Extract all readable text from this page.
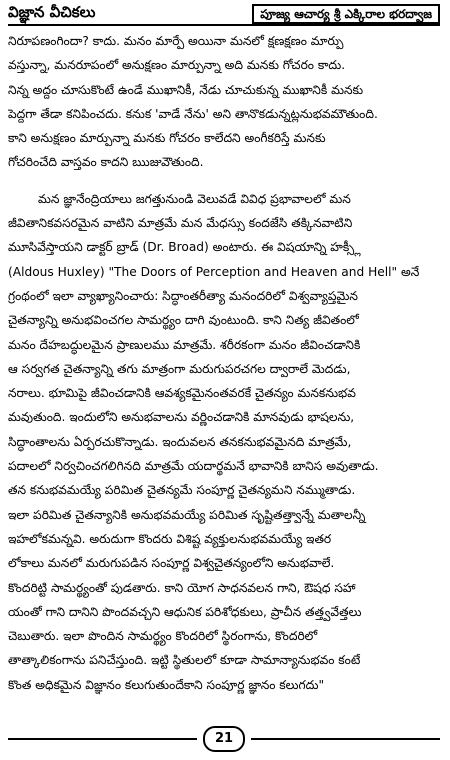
విజ్ఞాన వీచికలు	పూజ్య ఆచార్య శ్రీ ఎక్కిరాల భరద్వాజ
నిరూపణంగిందా? కాదు. మనం మార్పే అయినా మనలో క్షణక్షణం మార్పు
వస్తున్నా, మనరూపంలో అనుక్షణం మార్పున్నా అది మనకు గోచరం కాదు.
నిన్న అద్దం చూసుకొంటే ఉండే ముఖానికీ, నేడు చూచుకున్న ముఖానికీ మనకు
పెద్దగా తేడా కనిపించదు. కనుక 'వాడే నేను' అని తానొకడున్నట్లనుభవమౌతుంది.
కాని అనుక్షణం మార్పున్నా మనకు గోచరం కాలేదని అంగీకరిస్తే మనకు
గోచరించేది వాస్తవం కాదని ఋజువౌతుంది.
మన జ్ఞానేంద్రియాలు జగత్తునుండి వెలువడే వివిధ ప్రభావాలలో మన
జీవితానికవసరమైన వాటిని మాత్రమే మన మేధస్సు కందజేసి తక్కినవాటిని
మూసివేస్తాయని డాక్టర్ బ్రాడ్ (Dr. Broad) అంటారు. ఈ విషయాన్ని హక్స్లీ
(Aldous Huxley) "The Doors of Perception and Heaven and Hell" అనే
గ్రంథంలో ఇలా వ్యాఖ్యానించారు: సిద్ధాంతరీత్యా మనందరిలో విశ్వవ్యాప్తమైన
చైతన్యాన్ని అనుభవించగల సామర్థ్యం దాగి వుంటుంది. కాని నిత్య జీవితంలో
మనం దేహబద్ధులమైన ప్రాణులము మాత్రమే. శరీరకంగా మనం జీవించడానికి
ఆ సర్వగత చైతన్యాన్ని తగు మాత్రంగా మరుగుపరచగల ద్వారాలే మెదడు,
నరాలు. భూమిపై జీవించడానికి ఆవశ్యకమైనంతవరకే చైతన్యం మనకనుభవ
మవుతుంది. ఇందులోని అనుభవాలను వర్ణించడానికి మానవుడు భాషలను,
సిద్ధాంతాలను ఏర్పరచుకొన్నాడు. ఇందువలన తనకనుభవమైనది మాత్రమే,
పదాలలో నిర్వచించగలిగినది మాత్రమే యదార్థమనే భావానికి బానిస అవుతాడు.
తన కనుభవమయ్యే పరిమిత చైతన్యమే సంపూర్ణ చైతన్యమని నమ్ముతాడు.
ఇలా పరిమిత చైతన్యానికి అనుభవమయ్యే పరిమిత సృష్టితత్త్వాన్నే మతాలన్నీ
ఇహలోకమన్నవి. అరుదుగా కొందరు విశిష్ట వ్యక్తులనుభవమయ్యే ఇతర
లోకాలు మనలో మరుగుపడిన సంపూర్ణ విశ్వచైతన్యంలోని అనుభవాలే.
కొందరిట్టి సామర్థ్యంతో పుడతారు. కాని యోగ సాధనవలన గాని, ఔషధ సహా
యంతో గాని దానిని పొందవచ్చని ఆధునిక పరిశోధకులు, ప్రాచీన తత్త్వవేత్తలు
చెబుతారు. ఇలా పొందిన సామర్థ్యం కొందరిలో స్థిరంగాను, కొందరిలో
తాత్కాలికంగాను పనిచేస్తుంది. ఇట్టి స్థితులలో కూడా సామాన్యానుభవం కంటే
కొంత అధికమైన విజ్ఞానం కలుగుతుందేకాని సంపూర్ణ జ్ఞానం కలుగదు"
21
